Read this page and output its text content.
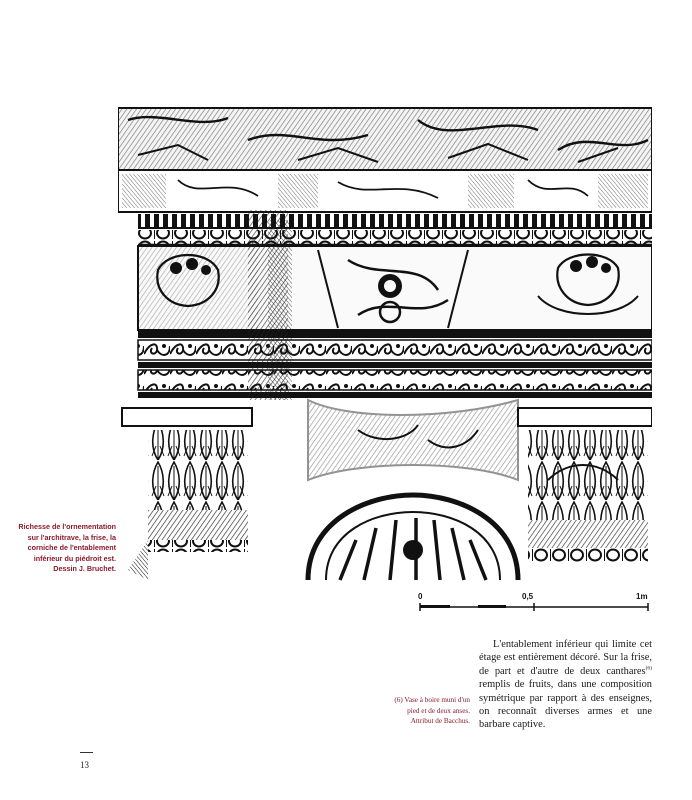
Richesse de l'ornementation
sur l'architrave, la frise, la
corniche de l'entablement
inférieur du piédroit est.
Dessin J. Bruchet.
0	0,5	1m
L'entablement inférieur qui limite cet étage est entièrement décoré. Sur la frise, de part et d'autre de deux canthares$^{(6)}$ remplis de fruits, dans une composition symétrique par rapport à des enseignes, on reconnaît diverses armes et une barbare captive.
(6) Vase à boire muni d'un
pied et de deux anses.
Attribut de Bacchus.
13
